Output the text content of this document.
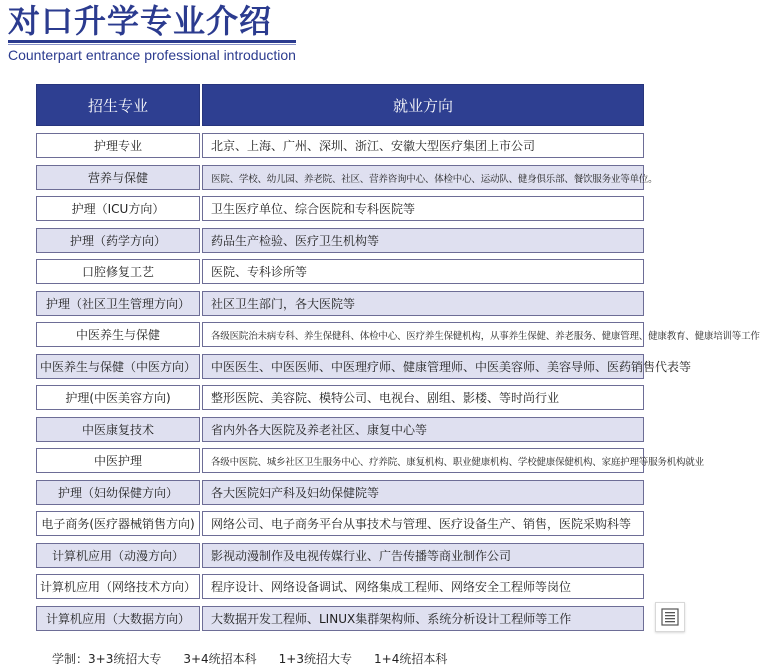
对口升学专业介绍
Counterpart entrance professional introduction
招生专业	就业方向
护理专业	北京、上海、广州、深圳、浙江、安徽大型医疗集团上市公司
营养与保健	医院、学校、幼儿园、养老院、社区、营养咨询中心、体检中心、运动队、健身俱乐部、餐饮服务业等单位。
护理（ICU方向）	卫生医疗单位、综合医院和专科医院等
护理（药学方向）	药品生产检验、医疗卫生机构等
口腔修复工艺	医院、专科诊所等
护理（社区卫生管理方向）	社区卫生部门，各大医院等
中医养生与保健	各级医院治未病专科、养生保健科、体检中心、医疗养生保健机构，从事养生保健、养老服务、健康管理、健康教育、健康培训等工作
中医养生与保健（中医方向）	中医医生、中医医师、中医理疗师、健康管理师、中医美容师、美容导师、医药销售代表等
护理(中医美容方向)	整形医院、美容院、模特公司、电视台、剧组、影楼、等时尚行业
中医康复技术	省内外各大医院及养老社区、康复中心等
中医护理	各级中医院、城乡社区卫生服务中心、疗养院、康复机构、职业健康机构、学校健康保健机构、家庭护理等服务机构就业
护理（妇幼保健方向）	各大医院妇产科及妇幼保健院等
电子商务(医疗器械销售方向)	网络公司、电子商务平台从事技术与管理、医疗设备生产、销售，医院采购科等
计算机应用（动漫方向）	影视动漫制作及电视传媒行业、广告传播等商业制作公司
计算机应用（网络技术方向）	程序设计、网络设备调试、网络集成工程师、网络安全工程师等岗位
计算机应用（大数据方向）	大数据开发工程师、LINUX集群架构师、系统分析设计工程师等工作
学制：3+3统招大专 3+4统招本科 1+3统招大专 1+4统招本科
